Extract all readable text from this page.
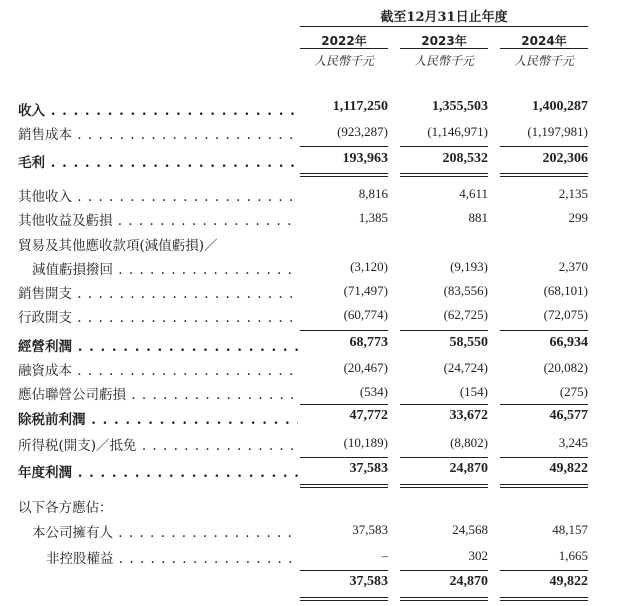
截至12月31日止年度
2022年	2023年	2024年
人民幣千元	人民幣千元	人民幣千元
收入 . . .	1,117,250	1,355,503	1,400,287
銷售成本 . . .	(923,287)	(1,146,971)	(1,197,981)
毛利 . . .	193,963	208,532	202,306
其他收入 . . .	8,816	4,611	2,135
其他收益及虧損 . . .	1,385	881	299
貿易及其他應收款項(減值虧損)／
減值虧損撥回 . . .	(3,120)	(9,193)	2,370
銷售開支 . . .	(71,497)	(83,556)	(68,101)
行政開支 . . .	(60,774)	(62,725)	(72,075)
經營利潤 . . .	68,773	58,550	66,934
融資成本 . . .	(20,467)	(24,724)	(20,082)
應佔聯營公司虧損 . . .	(534)	(154)	(275)
除税前利潤 . . .	47,772	33,672	46,577
所得税(開支)／抵免 . . .	(10,189)	(8,802)	3,245
年度利潤 . . .	37,583	24,870	49,822
以下各方應佔：
本公司擁有人 . . .	37,583	24,568	48,157
非控股權益 . . .	–	302	1,665
37,583	24,870	49,822
